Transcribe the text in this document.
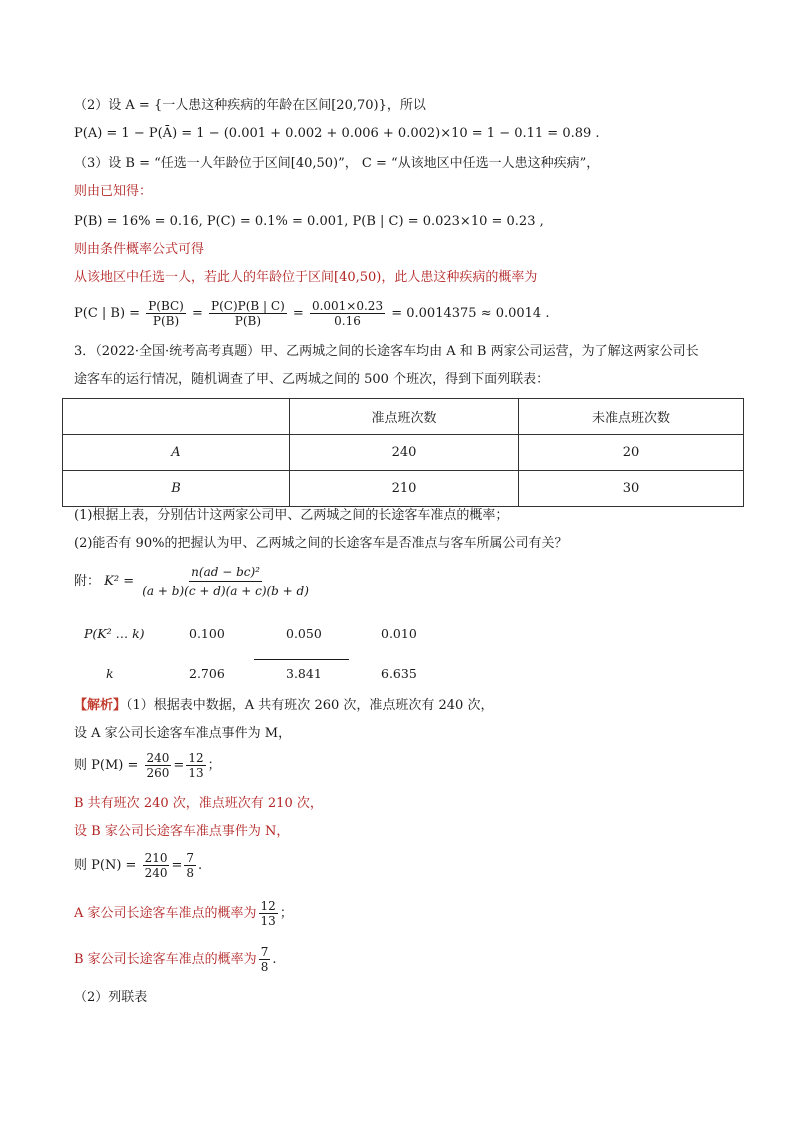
（2）设 A = {一人患这种疾病的年龄在区间[20,70)}，所以
P(A) = 1 − P(Ā) = 1 − (0.001 + 0.002 + 0.006 + 0.002)×10 = 1 − 0.11 = 0.89 .
（3）设 B = “任选一人年龄位于区间[40,50)”， C = “从该地区中任选一人患这种疾病”，
则由已知得：
P(B) = 16% = 0.16, P(C) = 0.1% = 0.001, P(B | C) = 0.023×10 = 0.23 ,
则由条件概率公式可得
从该地区中任选一人，若此人的年龄位于区间[40,50)，此人患这种疾病的概率为
P(C | $B) = \frac{P(BC)}{P(B)} = \frac{P(C)P(B | C)}{P(B)} = \frac{0.001\times 0.23}{0.16} = 0.0014375 \approx 0.0014$ .
3．（2022·全国·统考高考真题）甲、乙两城之间的长途客车均由 A 和 B 两家公司运营，为了解这两家公司长
途客车的运行情况，随机调查了甲、乙两城之间的 500 个班次，得到下面列联表：
	准点班次数	未准点班次数
A	240	20
B	210	30
(1)根据上表，分别估计这两家公司甲、乙两城之间的长途客车准点的概率；
(2)能否有 90%的把握认为甲、乙两城之间的长途客车是否准点与客车所属公司有关？
附： $K^2 = \frac{\text{n(ad − bc)²}}{(a + b)(c + d)(a + c)(b + d)}$
P(K² … k)	0.100	0.050	0.010
k	2.706	3.841	6.635
【解析】（1）根据表中数据，A 共有班次 260 次，准点班次有 240 次，
设 A 家公司长途客车准点事件为 M，
则 $P(M) = \frac{240}{260} = \frac{12}{13}$ ；
B 共有班次 240 次，准点班次有 210 次，
设 B 家公司长途客车准点事件为 N，
则 $P(N) = \frac{210}{240} = \frac{7}{8}$ .
A 家公司长途客车准点的概率为 $\frac{12}{13}$ ；
B 家公司长途客车准点的概率为 $\frac{7}{8}$ .
（2）列联表
